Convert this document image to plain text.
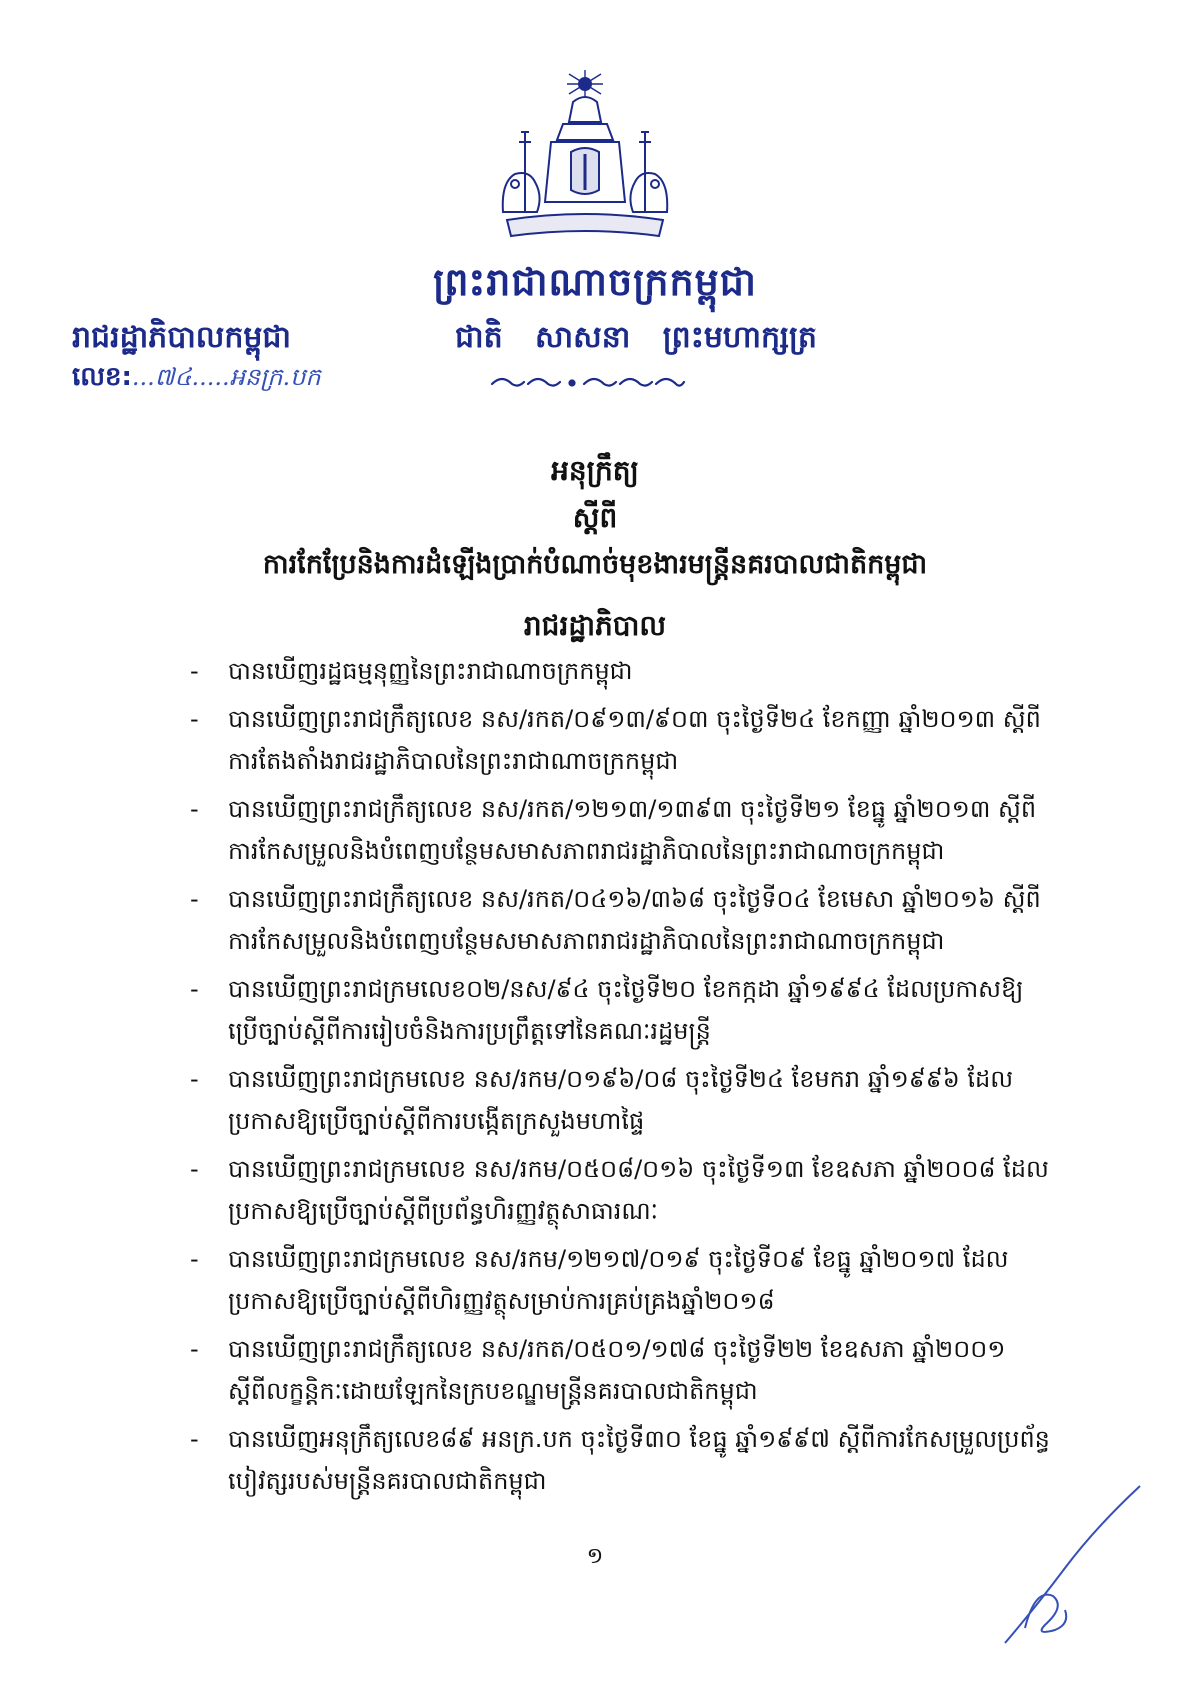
ព្រះរាជាណាចក្រកម្ពុជា
ជាតិ សាសនា ព្រះមហាក្សត្រ
រាជរដ្ឋាភិបាលកម្ពុជា
លេខ:...៧៤.....អនក្រ.បក
អនុក្រឹត្យ
ស្តីពី
ការកែប្រែនិងការដំឡើងប្រាក់បំណាច់មុខងារមន្ត្រីនគរបាលជាតិកម្ពុជា
រាជរដ្ឋាភិបាល
- បានឃើញរដ្ឋធម្មនុញ្ញនៃព្រះរាជាណាចក្រកម្ពុជា
- បានឃើញព្រះរាជក្រឹត្យលេខ នស/រកត/០៩១៣/៩០៣ ចុះថ្ងៃទី២៤ ខែកញ្ញា ឆ្នាំ២០១៣ ស្តីពីការតែងតាំងរាជរដ្ឋាភិបាលនៃព្រះរាជាណាចក្រកម្ពុជា
- បានឃើញព្រះរាជក្រឹត្យលេខ នស/រកត/១២១៣/១៣៩៣ ចុះថ្ងៃទី២១ ខែធ្នូ ឆ្នាំ២០១៣ ស្តីពីការកែសម្រួលនិងបំពេញបន្ថែមសមាសភាពរាជរដ្ឋាភិបាលនៃព្រះរាជាណាចក្រកម្ពុជា
- បានឃើញព្រះរាជក្រឹត្យលេខ នស/រកត/០៤១៦/៣៦៨ ចុះថ្ងៃទី០៤ ខែមេសា ឆ្នាំ២០១៦ ស្តីពីការកែសម្រួលនិងបំពេញបន្ថែមសមាសភាពរាជរដ្ឋាភិបាលនៃព្រះរាជាណាចក្រកម្ពុជា
- បានឃើញព្រះរាជក្រមលេខ០២/នស/៩៤ ចុះថ្ងៃទី២០ ខែកក្កដា ឆ្នាំ១៩៩៤ ដែលប្រកាសឱ្យប្រើច្បាប់ស្តីពីការរៀបចំនិងការប្រព្រឹត្តទៅនៃគណៈរដ្ឋមន្ត្រី
- បានឃើញព្រះរាជក្រមលេខ នស/រកម/០១៩៦/០៨ ចុះថ្ងៃទី២៤ ខែមករា ឆ្នាំ១៩៩៦ ដែលប្រកាសឱ្យប្រើច្បាប់ស្តីពីការបង្កើតក្រសួងមហាផ្ទៃ
- បានឃើញព្រះរាជក្រមលេខ នស/រកម/០៥០៨/០១៦ ចុះថ្ងៃទី១៣ ខែឧសភា ឆ្នាំ២០០៨ ដែលប្រកាសឱ្យប្រើច្បាប់ស្តីពីប្រព័ន្ធហិរញ្ញវត្ថុសាធារណៈ
- បានឃើញព្រះរាជក្រមលេខ នស/រកម/១២១៧/០១៩ ចុះថ្ងៃទី០៩ ខែធ្នូ ឆ្នាំ២០១៧ ដែលប្រកាសឱ្យប្រើច្បាប់ស្តីពីហិរញ្ញវត្ថុសម្រាប់ការគ្រប់គ្រងឆ្នាំ២០១៨
- បានឃើញព្រះរាជក្រឹត្យលេខ នស/រកត/០៥០១/១៧៨ ចុះថ្ងៃទី២២ ខែឧសភា ឆ្នាំ២០០១ ស្តីពីលក្ខន្តិកៈដោយឡែកនៃក្របខណ្ឌមន្ត្រីនគរបាលជាតិកម្ពុជា
- បានឃើញអនុក្រឹត្យលេខ៨៩ អនក្រ.បក ចុះថ្ងៃទី៣០ ខែធ្នូ ឆ្នាំ១៩៩៧ ស្តីពីការកែសម្រួលប្រព័ន្ធបៀវត្សរបស់មន្ត្រីនគរបាលជាតិកម្ពុជា
១
